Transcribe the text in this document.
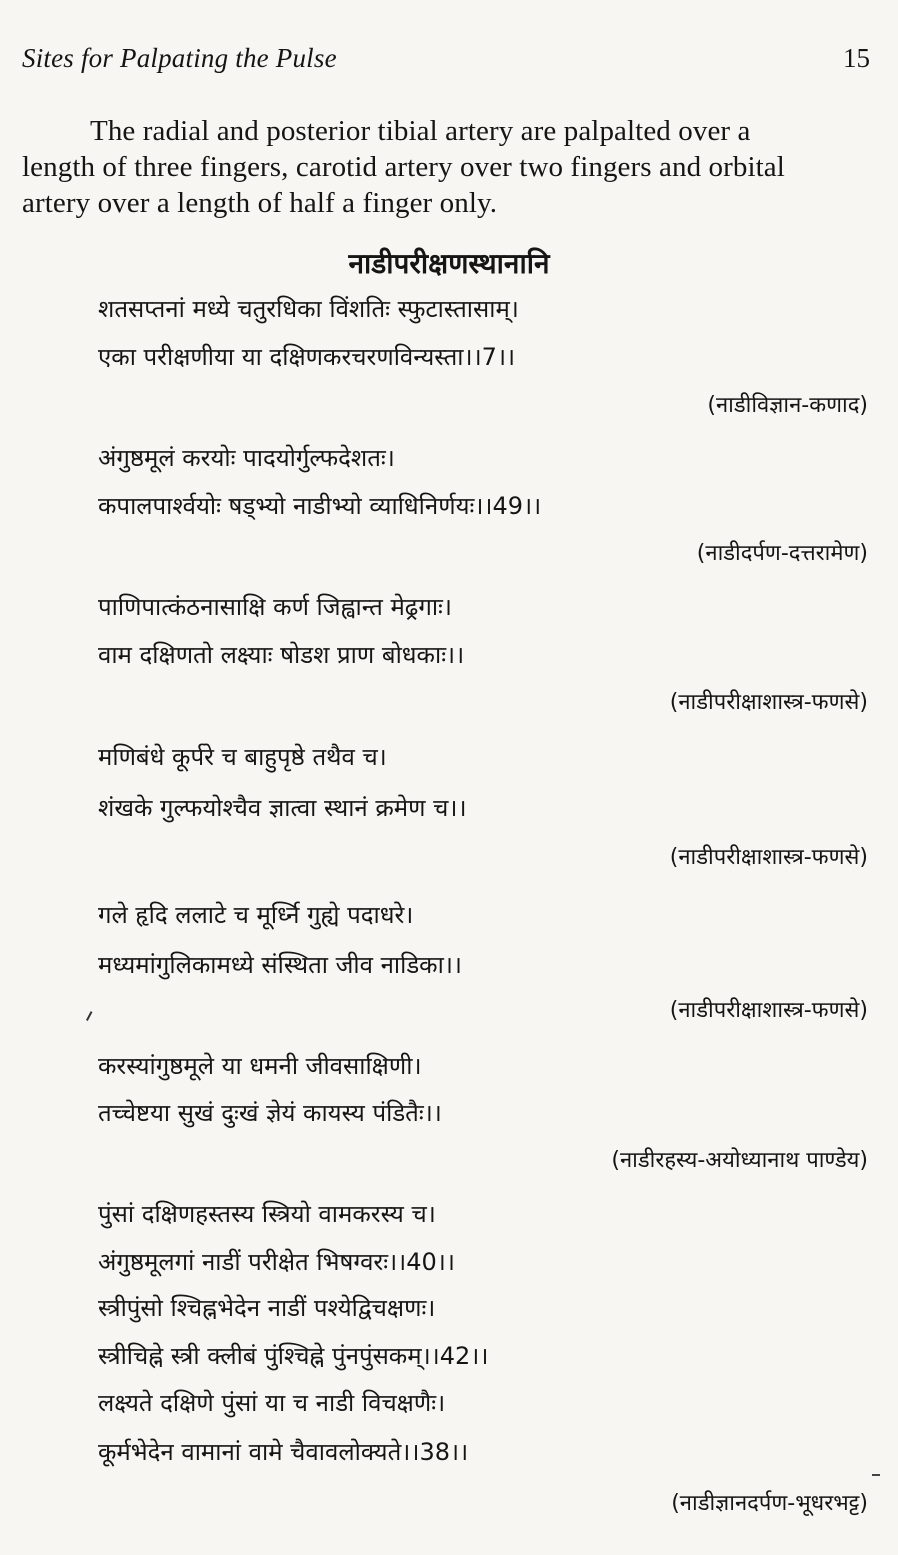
Sites for Palpating the Pulse	15

The radial and posterior tibial artery are palpalted over a
length of three fingers, carotid artery over two fingers and orbital
artery over a length of half a finger only.

नाडीपरीक्षणस्थानानि
शतसप्तनां मध्ये चतुरधिका विंशतिः स्फुटास्तासाम्।
एका परीक्षणीया या दक्षिणकरचरणविन्यस्ता।।7।।
(नाडीविज्ञान-कणाद)
अंगुष्ठमूलं करयोः पादयोर्गुल्फदेशतः।
कपालपार्श्वयोः षड्भ्यो नाडीभ्यो व्याधिनिर्णयः।।49।।
(नाडीदर्पण-दत्तरामेण)
पाणिपात्कंठनासाक्षि कर्ण जिह्वान्त मेढ्रगाः।
वाम दक्षिणतो लक्ष्याः षोडश प्राण बोधकाः।।
(नाडीपरीक्षाशास्त्र-फणसे)
मणिबंधे कूर्परे च बाहुपृष्ठे तथैव च।
शंखके गुल्फयोश्चैव ज्ञात्वा स्थानं क्रमेण च।।
(नाडीपरीक्षाशास्त्र-फणसे)
गले हृदि ललाटे च मूर्ध्नि गुह्ये पदाधरे।
मध्यमांगुलिकामध्ये संस्थिता जीव नाडिका।।
(नाडीपरीक्षाशास्त्र-फणसे)
करस्यांगुष्ठमूले या धमनी जीवसाक्षिणी।
तच्चेष्टया सुखं दुःखं ज्ञेयं कायस्य पंडितैः।।
(नाडीरहस्य-अयोध्यानाथ पाण्डेय)
पुंसां दक्षिणहस्तस्य स्त्रियो वामकरस्य च।
अंगुष्ठमूलगां नाडीं परीक्षेत भिषग्वरः।।40।।
स्त्रीपुंसो श्चिह्नभेदेन नाडीं पश्येद्विचक्षणः।
स्त्रीचिह्ने स्त्री क्लीबं पुंश्चिह्ने पुंनपुंसकम्।।42।।
लक्ष्यते दक्षिणे पुंसां या च नाडी विचक्षणैः।
कूर्मभेदेन वामानां वामे चैवावलोक्यते।।38।।
(नाडीज्ञानदर्पण-भूधरभट्ट)
